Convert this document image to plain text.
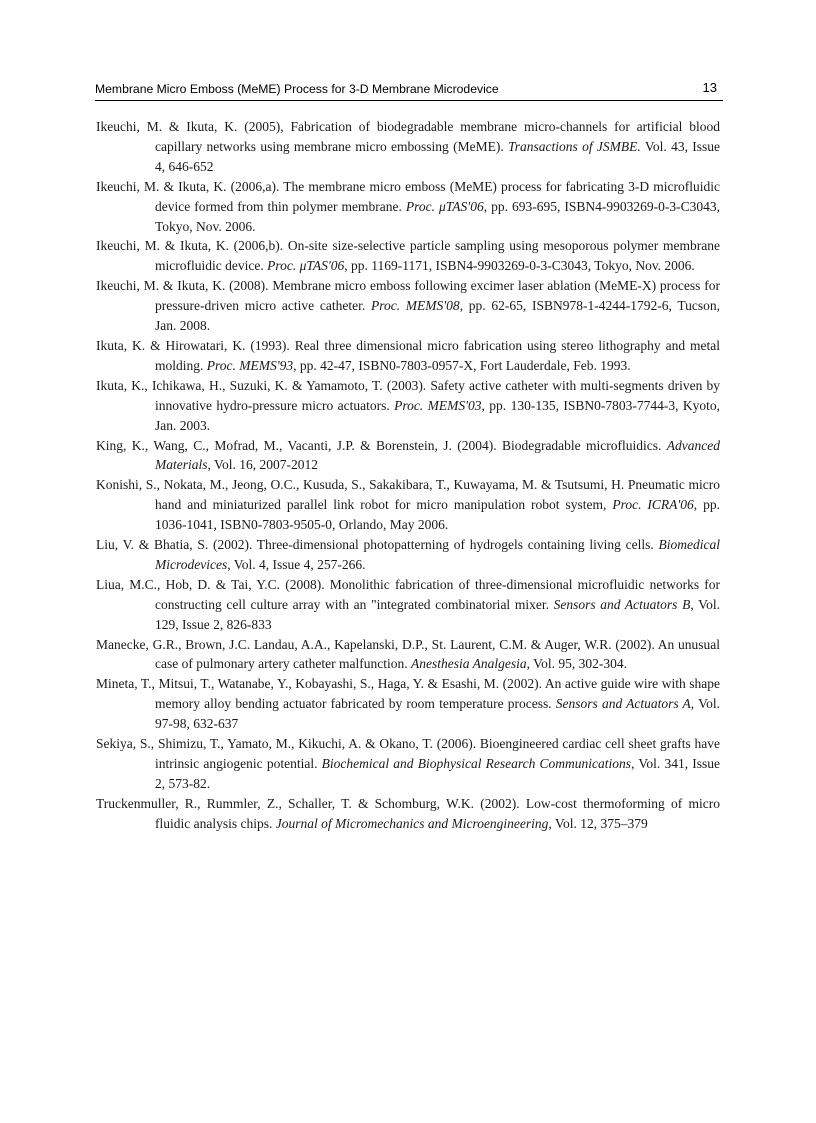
Membrane Micro Emboss (MeME) Process for 3-D Membrane Microdevice	13

Ikeuchi, M. & Ikuta, K. (2005), Fabrication of biodegradable membrane micro-channels for artificial blood capillary networks using membrane micro embossing (MeME). Transactions of JSMBE. Vol. 43, Issue 4, 646-652

Ikeuchi, M. & Ikuta, K. (2006,a). The membrane micro emboss (MeME) process for fabricating 3-D microfluidic device formed from thin polymer membrane. Proc. μTAS'06, pp. 693-695, ISBN4-9903269-0-3-C3043, Tokyo, Nov. 2006.

Ikeuchi, M. & Ikuta, K. (2006,b). On-site size-selective particle sampling using mesoporous polymer membrane microfluidic device. Proc. μTAS'06, pp. 1169-1171, ISBN4-9903269-0-3-C3043, Tokyo, Nov. 2006.

Ikeuchi, M. & Ikuta, K. (2008). Membrane micro emboss following excimer laser ablation (MeME-X) process for pressure-driven micro active catheter. Proc. MEMS'08, pp. 62-65, ISBN978-1-4244-1792-6, Tucson, Jan. 2008.

Ikuta, K. & Hirowatari, K. (1993). Real three dimensional micro fabrication using stereo lithography and metal molding. Proc. MEMS'93, pp. 42-47, ISBN0-7803-0957-X, Fort Lauderdale, Feb. 1993.

Ikuta, K., Ichikawa, H., Suzuki, K. & Yamamoto, T. (2003). Safety active catheter with multi-segments driven by innovative hydro-pressure micro actuators. Proc. MEMS'03, pp. 130-135, ISBN0-7803-7744-3, Kyoto, Jan. 2003.

King, K., Wang, C., Mofrad, M., Vacanti, J.P. & Borenstein, J. (2004). Biodegradable microfluidics. Advanced Materials, Vol. 16, 2007-2012

Konishi, S., Nokata, M., Jeong, O.C., Kusuda, S., Sakakibara, T., Kuwayama, M. & Tsutsumi, H. Pneumatic micro hand and miniaturized parallel link robot for micro manipulation robot system, Proc. ICRA'06, pp. 1036-1041, ISBN0-7803-9505-0, Orlando, May 2006.

Liu, V. & Bhatia, S. (2002). Three-dimensional photopatterning of hydrogels containing living cells. Biomedical Microdevices, Vol. 4, Issue 4, 257-266.

Liua, M.C., Hob, D. & Tai, Y.C. (2008). Monolithic fabrication of three-dimensional microfluidic networks for constructing cell culture array with an "integrated combinatorial mixer. Sensors and Actuators B, Vol. 129, Issue 2, 826-833

Manecke, G.R., Brown, J.C. Landau, A.A., Kapelanski, D.P., St. Laurent, C.M. & Auger, W.R. (2002). An unusual case of pulmonary artery catheter malfunction. Anesthesia Analgesia, Vol. 95, 302-304.

Mineta, T., Mitsui, T., Watanabe, Y., Kobayashi, S., Haga, Y. & Esashi, M. (2002). An active guide wire with shape memory alloy bending actuator fabricated by room temperature process. Sensors and Actuators A, Vol. 97-98, 632-637

Sekiya, S., Shimizu, T., Yamato, M., Kikuchi, A. & Okano, T. (2006). Bioengineered cardiac cell sheet grafts have intrinsic angiogenic potential. Biochemical and Biophysical Research Communications, Vol. 341, Issue 2, 573-82.

Truckenmuller, R., Rummler, Z., Schaller, T. & Schomburg, W.K. (2002). Low-cost thermoforming of micro fluidic analysis chips. Journal of Micromechanics and Microengineering, Vol. 12, 375–379
